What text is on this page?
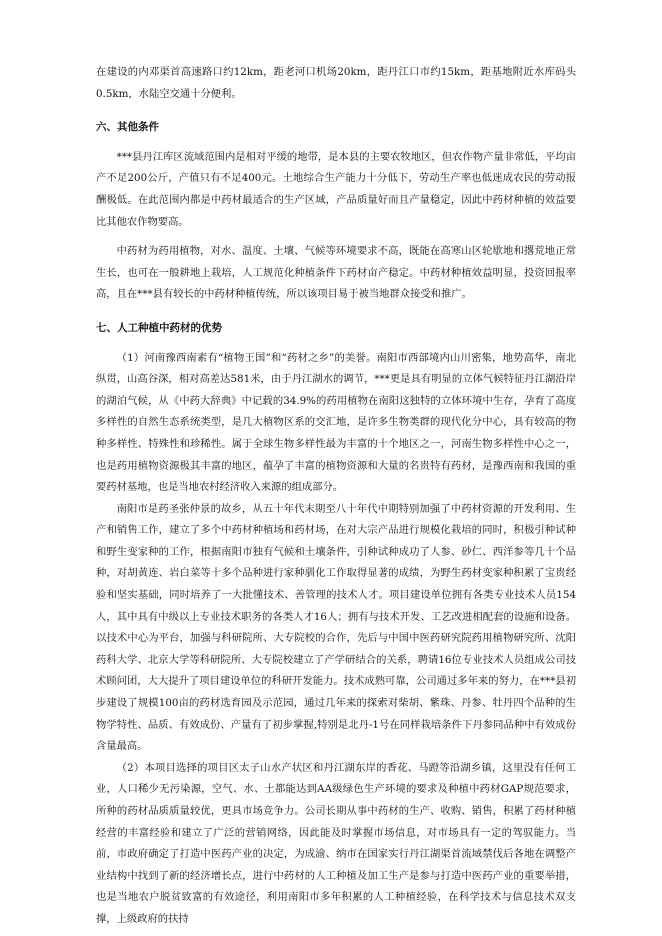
在建设的内邓渠首高速路口约12km，距老河口机场20km，距丹江口市约15km，距基地附近水库码头0.5km，水陆空交通十分便利。

六、其他条件

***县丹江库区流域范围内是相对平缓的地带，是本县的主要农牧地区，但农作物产量非常低，平均亩产不足200公斤，产值只有不足400元。土地综合生产能力十分低下，劳动生产率也低迷成农民的劳动报酬极低。在此范围内都是中药材最适合的生产区域，产品质量好而且产量稳定，因此中药材种植的效益要比其他农作物要高。

中药材为药用植物，对水、温度、土壤、气候等环境要求不高，既能在高寒山区轮歇地和撂荒地正常生长，也可在一般耕地上栽培，人工规范化种植条件下药材亩产稳定。中药材种植效益明显，投资回报率高，且在***县有较长的中药材种植传统，所以该项目易于被当地群众接受和推广。

七、人工种植中药材的优势

（1）河南豫西南素有“植物王国”和“药材之乡”的美誉。南阳市西部境内山川密集，地势高华，南北纵贯，山高谷深，相对高差达581米，由于丹江湖水的调节，***更是具有明显的立体气候特征丹江湖沿岸的湖泊气候，从《中药大辞典》中记载的34.9%的药用植物在南阳这独特的立体环境中生存，孕育了高度多样性的自然生态系统类型，是几大植物区系的交汇地，是许多生物类群的现代化分中心，具有较高的物种多样性、特殊性和珍稀性。属于全球生物多样性最为丰富的十个地区之一，河南生物多样性中心之一，也是药用植物资源极其丰富的地区，蕴孕了丰富的植物资源和大量的名贵特有药材，是豫西南和我国的重要药材基地，也是当地农村经济收入来源的组成部分。

南阳市是药圣张仲景的故乡，从五十年代末期至八十年代中期特别加强了中药材资源的开发利用、生产和销售工作，建立了多个中药材种植场和药材场，在对大宗产品进行规模化栽培的同时，积极引种试种和野生变家种的工作，根据南阳市独有气候和土壤条件，引种试种成功了人参、砂仁、西洋参等几十个品种，对胡黄连、岩白菜等十多个品种进行家种驯化工作取得显著的成绩，为野生药材变家种积累了宝贵经验和坚实基础，同时培养了一大批懂技术、善管理的技术人才。项目建设单位拥有各类专业技术人员154人，其中具有中级以上专业技术职务的各类人才16人；拥有与技术开发、工艺改进相配套的设施和设备。以技术中心为平台，加强与科研院所、大专院校的合作，先后与中国中医药研究院药用植物研究所、沈阳药科大学、北京大学等科研院所、大专院校建立了产学研结合的关系，聘请16位专业技术人员组成公司技术顾问团，大大提升了项目建设单位的科研开发能力。技术成熟可靠，公司通过多年来的努力，在***县初步建设了规模100亩的药材选育园及示范园，通过几年来的探索对柴胡、紫珠、丹参、牡丹四个品种的生物学特性、品质、有效成份、产量有了初步掌握,特别是北丹-1号在同样栽培条件下丹参同品种中有效成份含量最高。

（2）本项目选择的项目区太子山水产状区和丹江湖东岸的香花、马蹬等沿湖乡镇，这里没有任何工业，人口稀少无污染源，空气、水、土都能达到AA级绿色生产环境的要求及种植中药材GAP规范要求，所种的药材品质质量较优，更具市场竞争力。公司长期从事中药材的生产、收购、销售，积累了药材种植经营的丰富经验和建立了广泛的营销网络，因此能及时掌握市场信息，对市场具有一定的驾驭能力。当前，市政府确定了打造中医药产业的决定，为成渝、纳市在国家实行丹江湖渠首流域禁伐后各地在调整产业结构中找到了新的经济增长点，进行中药材的人工种植及加工生产是参与打造中医药产业的重要举措，也是当地农户脱贫致富的有效途径，利用南阳市多年积累的人工种植经验，在科学技术与信息技术双支撑，上级政府的扶持
